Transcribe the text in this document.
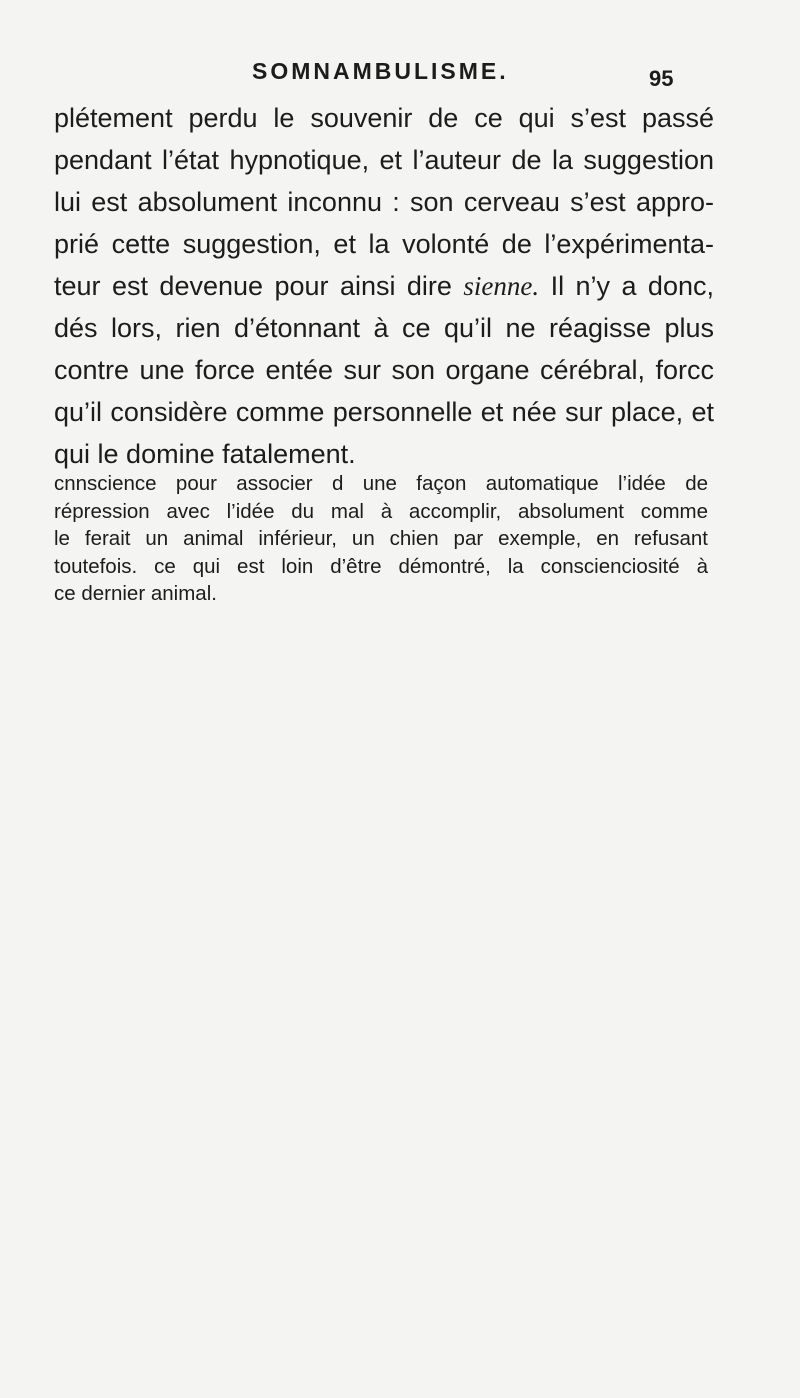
SOMNAMBULISME.	95

plétement perdu le souvenir de ce qui s’est passé
pendant l’état hypnotique, et l’auteur de la suggestion
lui est absolument inconnu : son cerveau s’est appro-
prié cette suggestion, et la volonté de l’expérimenta-
teur est devenue pour ainsi dire sienne. Il n’y a donc,
dés lors, rien d’étonnant à ce qu’il ne réagisse plus
contre une force entée sur son organe cérébral, forcc
qu’il considère comme personnelle et née sur place, et
qui le domine fatalement.

cnnscience pour associer d une façon automatique l’idée de
répression avec l’idée du mal à accomplir, absolument comme
le ferait un animal inférieur, un chien par exemple, en refusant
toutefois. ce qui est loin d’être démontré, la conscienciosité à
ce dernier animal.
